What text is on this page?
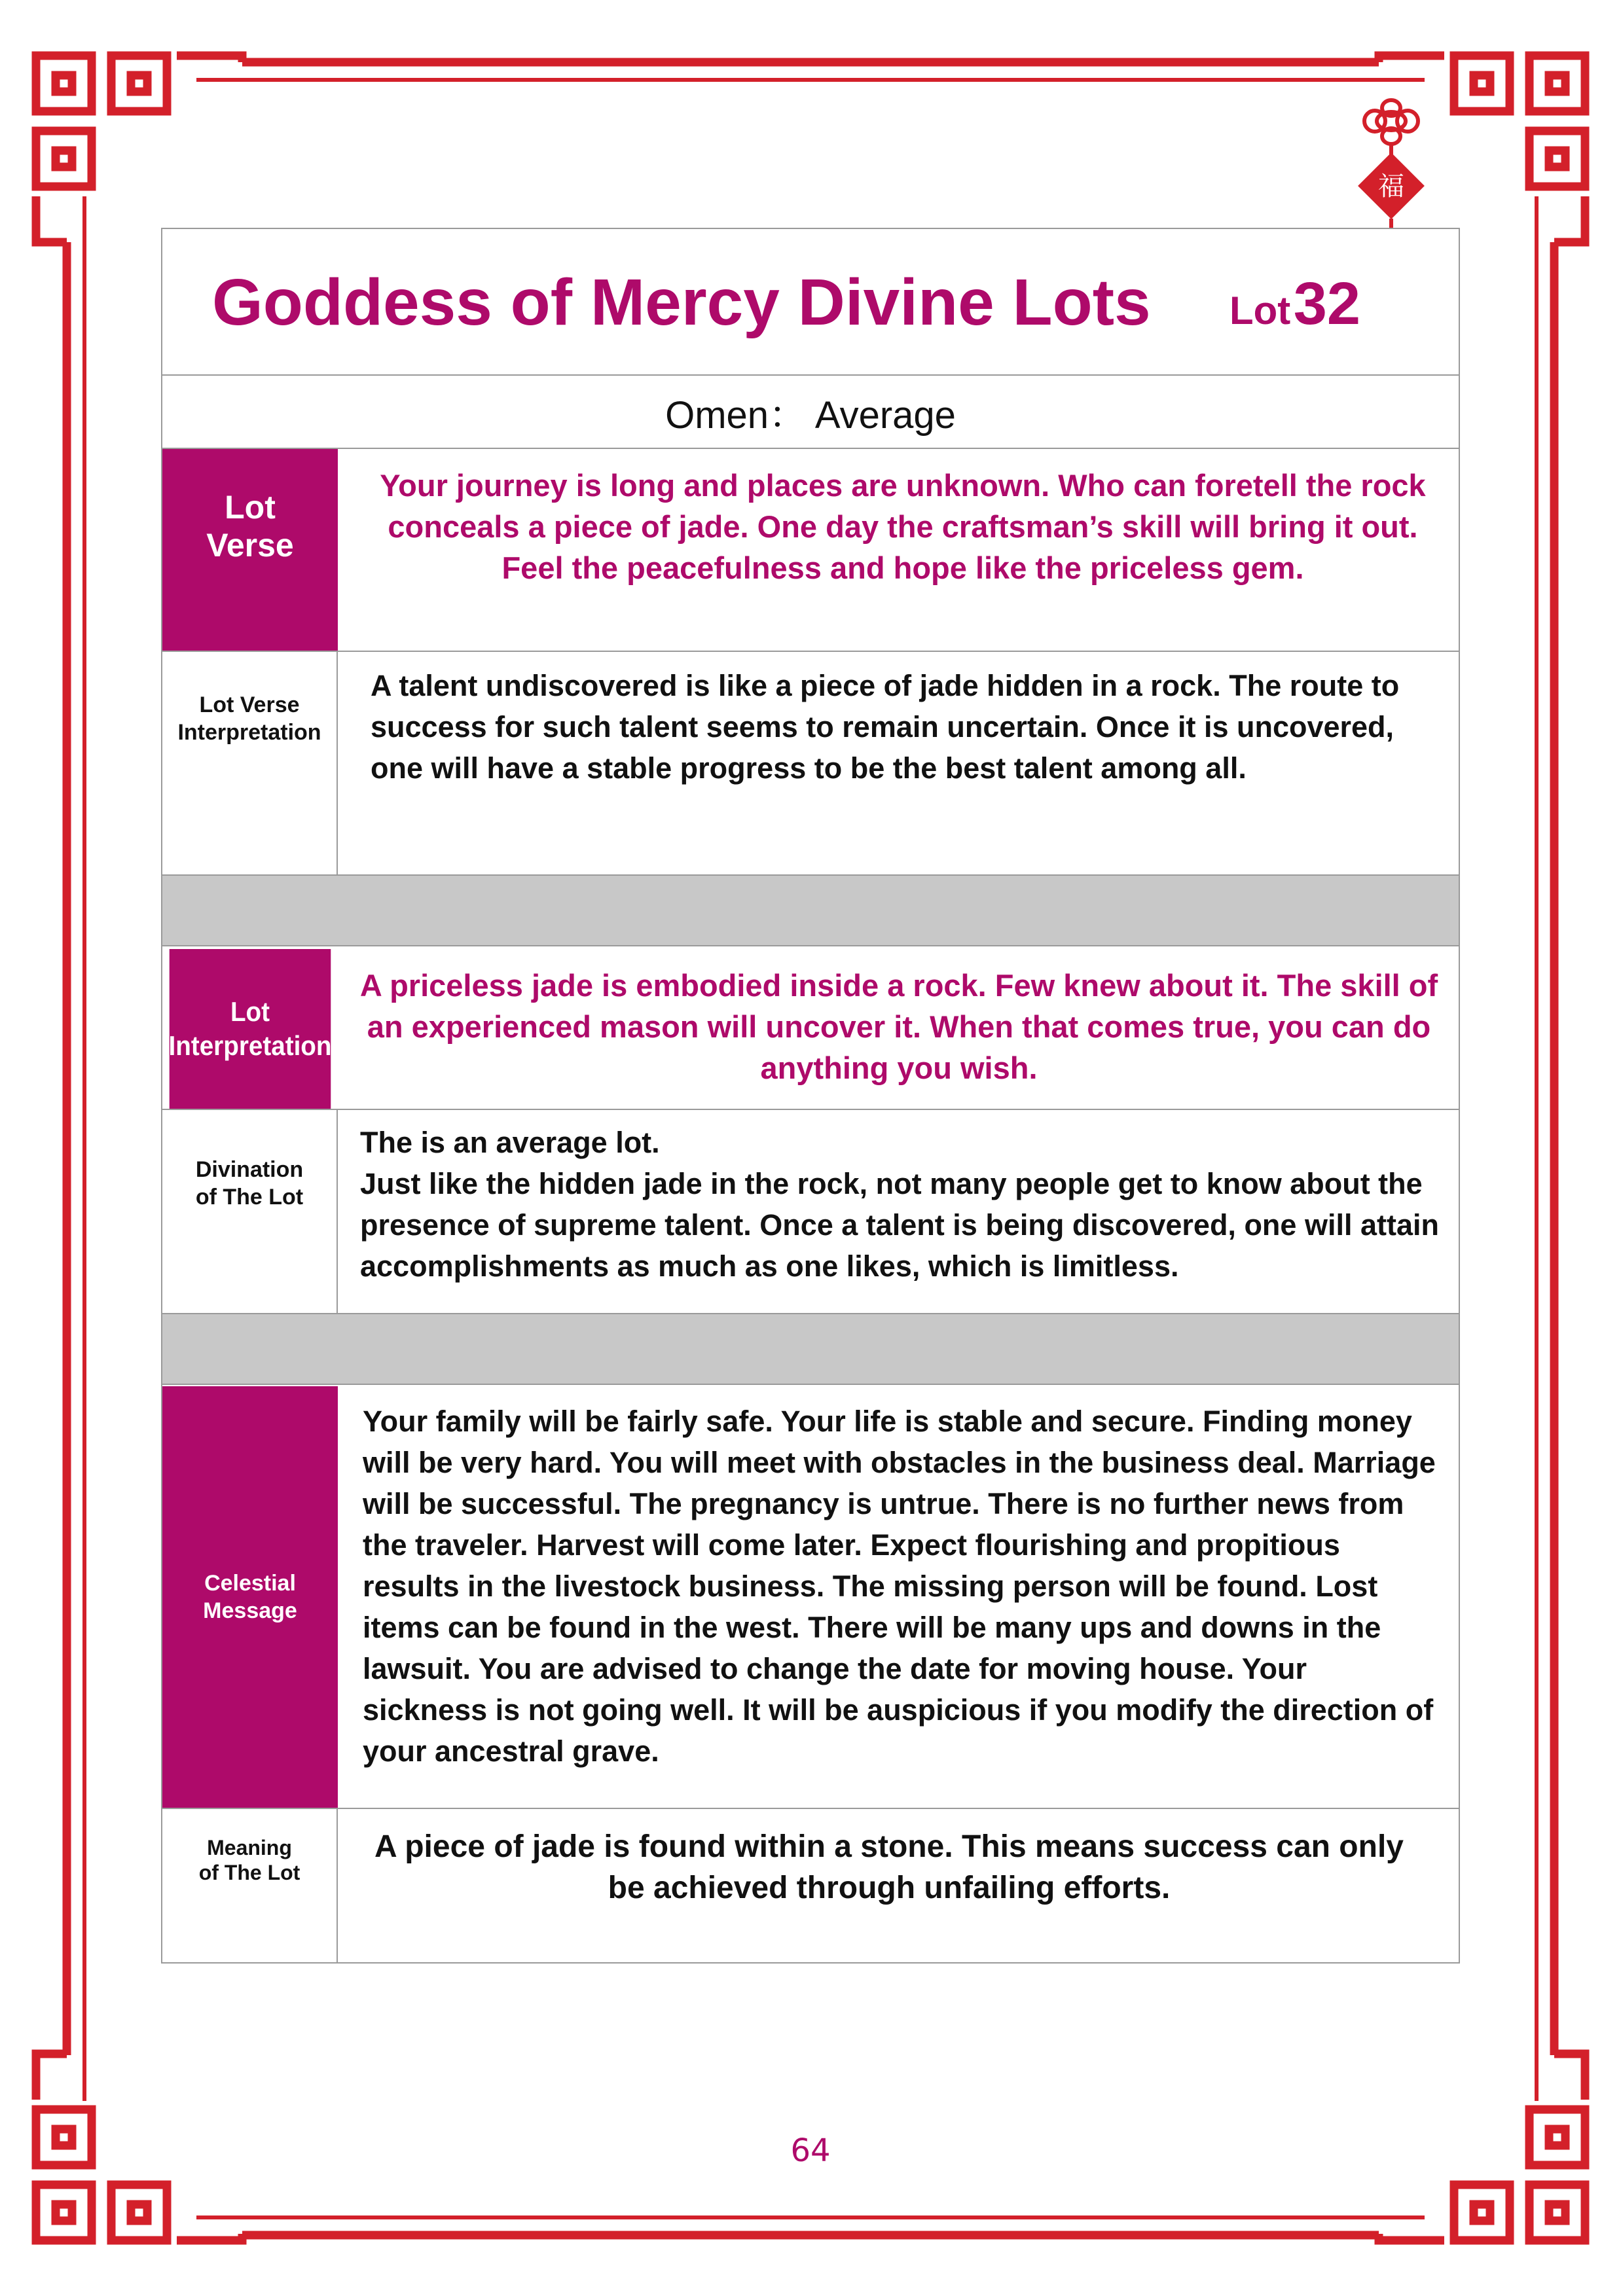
福
Goddess of Mercy Divine Lots Lot 32
Omen： Average
Lot
Verse
Your journey is long and places are unknown. Who can foretell the rock conceals a piece of jade. One day the craftsman’s skill will bring it out. Feel the peacefulness and hope like the priceless gem.
Lot Verse
Interpretation
A talent undiscovered is like a piece of jade hidden in a rock. The route to success for such talent seems to remain uncertain. Once it is uncovered, one will have a stable progress to be the best talent among all.
Lot
Interpretation
A priceless jade is embodied inside a rock. Few knew about it. The skill of an experienced mason will uncover it. When that comes true, you can do anything you wish.
Divination
of The Lot
The is an average lot.
Just like the hidden jade in the rock, not many people get to know about the presence of supreme talent. Once a talent is being discovered, one will attain accomplishments as much as one likes, which is limitless.
Celestial
Message
Your family will be fairly safe. Your life is stable and secure. Finding money will be very hard. You will meet with obstacles in the business deal. Marriage will be successful. The pregnancy is untrue. There is no further news from the traveler. Harvest will come later. Expect flourishing and propitious results in the livestock business. The missing person will be found. Lost items can be found in the west. There will be many ups and downs in the lawsuit. You are advised to change the date for moving house. Your sickness is not going well. It will be auspicious if you modify the direction of your ancestral grave.
Meaning
of The Lot
A piece of jade is found within a stone. This means success can only be achieved through unfailing efforts.
64
